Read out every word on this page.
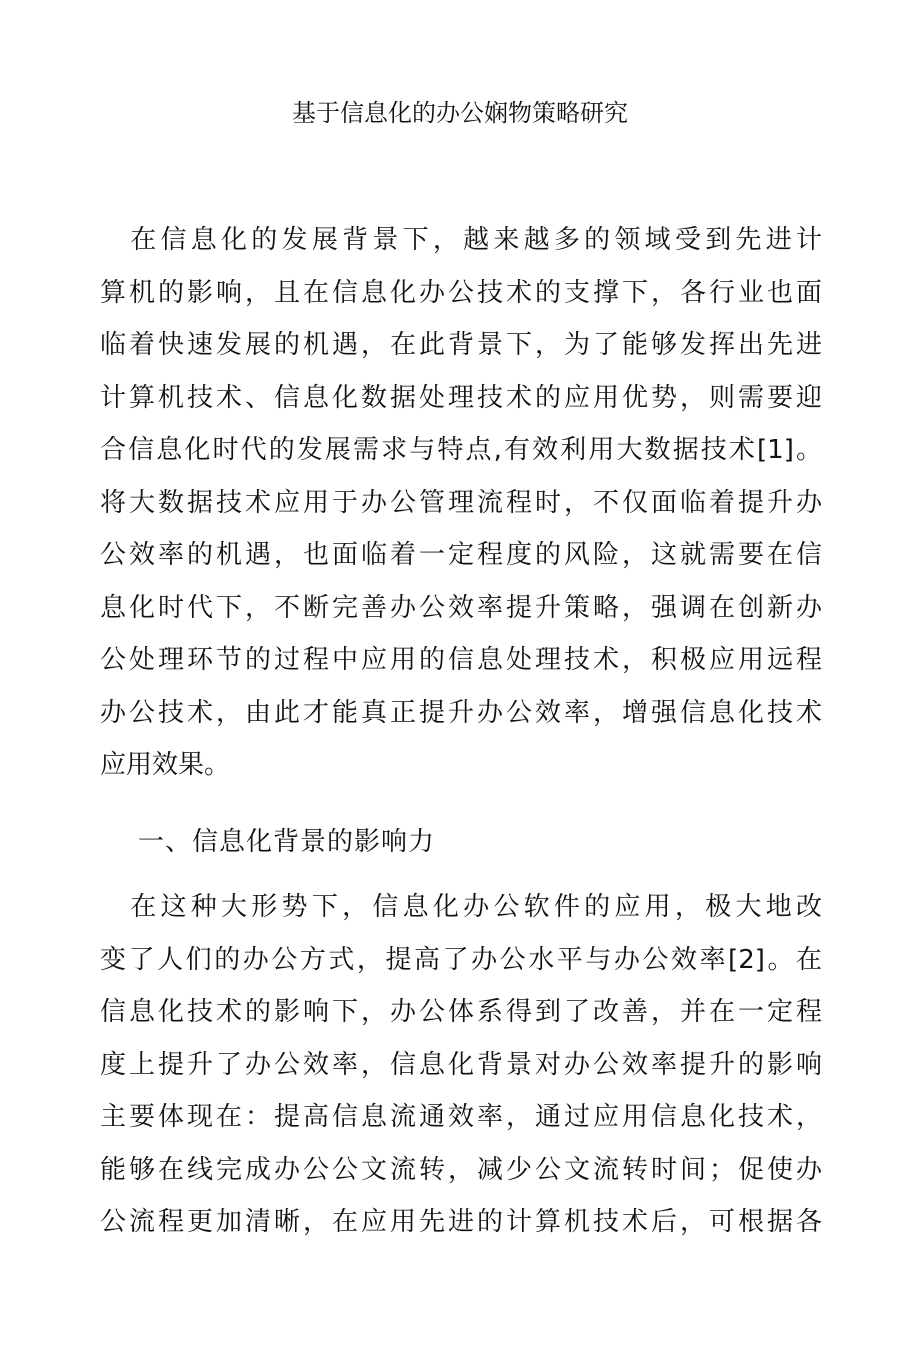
基于信息化的办公娴物策略研究
　在信息化的发展背景下，越来越多的领域受到先进计
算机的影响，且在信息化办公技术的支撑下，各行业也面
临着快速发展的机遇，在此背景下，为了能够发挥出先进
计算机技术、信息化数据处理技术的应用优势，则需要迎
合信息化时代的发展需求与特点,有效利用大数据技术[1]。
将大数据技术应用于办公管理流程时，不仅面临着提升办
公效率的机遇，也面临着一定程度的风险，这就需要在信
息化时代下，不断完善办公效率提升策略，强调在创新办
公处理环节的过程中应用的信息处理技术，积极应用远程
办公技术，由此才能真正提升办公效率，增强信息化技术
应用效果。
一、信息化背景的影响力
　在这种大形势下，信息化办公软件的应用，极大地改
变了人们的办公方式，提高了办公水平与办公效率[2]。在
信息化技术的影响下，办公体系得到了改善，并在一定程
度上提升了办公效率，信息化背景对办公效率提升的影响
主要体现在：提高信息流通效率，通过应用信息化技术，
能够在线完成办公公文流转，减少公文流转时间；促使办
公流程更加清晰，在应用先进的计算机技术后，可根据各
